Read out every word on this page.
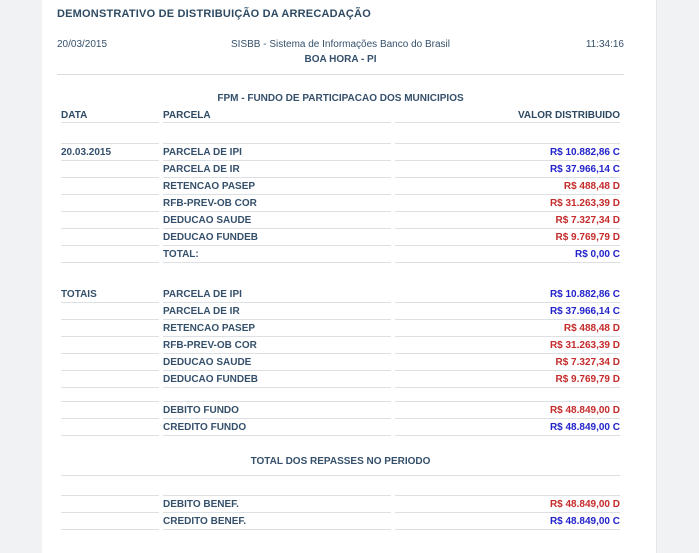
DEMONSTRATIVO DE DISTRIBUIÇÃO DA ARRECADAÇÃO
20/03/2015	SISBB - Sistema de Informações Banco do Brasil
BOA HORA - PI
11:34:16
FPM - FUNDO DE PARTICIPACAO DOS MUNICIPIOS
DATA	PARCELA	VALOR DISTRIBUIDO

20.03.2015	PARCELA DE IPI	R$ 10.882,86 C
	PARCELA DE IR	R$ 37.966,14 C
	RETENCAO PASEP	R$ 488,48 D
	RFB-PREV-OB COR	R$ 31.263,39 D
	DEDUCAO SAUDE	R$ 7.327,34 D
	DEDUCAO FUNDEB	R$ 9.769,79 D
	TOTAL:	R$ 0,00 C

TOTAIS	PARCELA DE IPI	R$ 10.882,86 C
	PARCELA DE IR	R$ 37.966,14 C
	RETENCAO PASEP	R$ 488,48 D
	RFB-PREV-OB COR	R$ 31.263,39 D
	DEDUCAO SAUDE	R$ 7.327,34 D
	DEDUCAO FUNDEB	R$ 9.769,79 D

	DEBITO FUNDO	R$ 48.849,00 D
	CREDITO FUNDO	R$ 48.849,00 C

TOTAL DOS REPASSES NO PERIODO		

	DEBITO BENEF.	R$ 48.849,00 D
	CREDITO BENEF.	R$ 48.849,00 C
